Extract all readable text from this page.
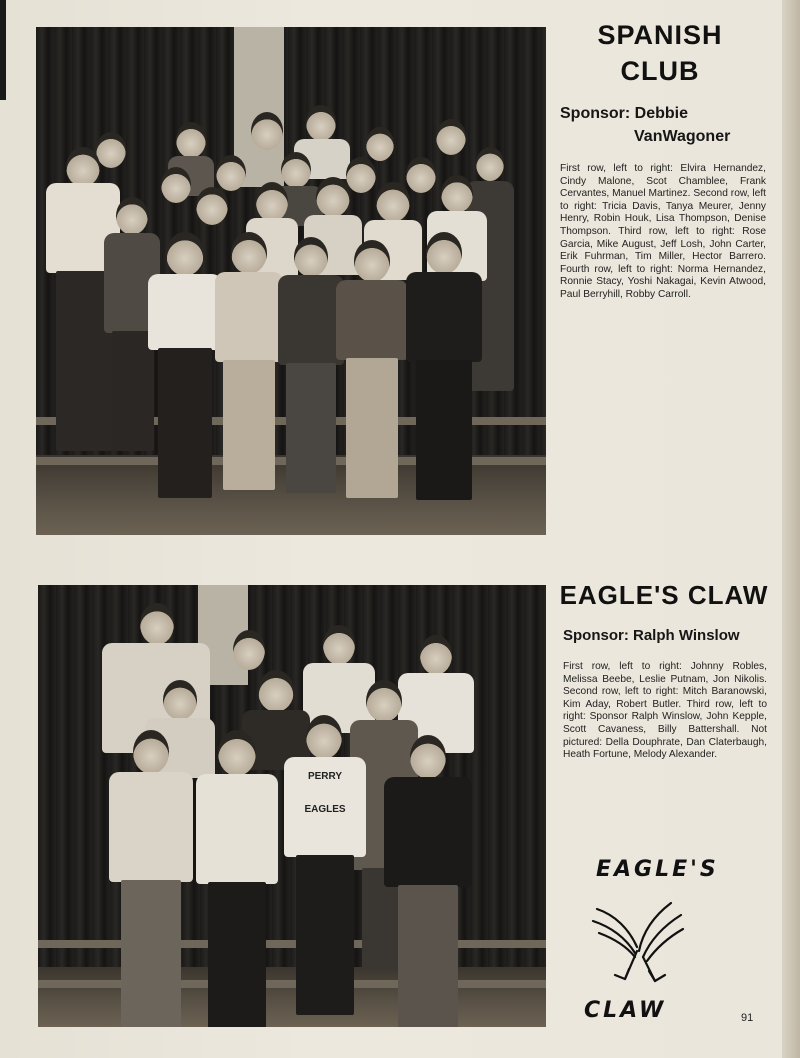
SPANISH
CLUB
Sponsor: Debbie
VanWagoner
First row, left to right: Elvira Hernandez, Cindy Malone, Scot Chamblee, Frank Cervantes, Manuel Martinez. Second row, left to right: Tricia Davis, Tanya Meurer, Jenny Henry, Robin Houk, Lisa Thompson, Denise Thompson. Third row, left to right: Rose Garcia, Mike August, Jeff Losh, John Carter, Erik Fuhrman, Tim Miller, Hector Barrero. Fourth row, left to right: Norma Hernandez, Ronnie Stacy, Yoshi Nakagai, Kevin Atwood, Paul Berryhill, Robby Carroll.
PERRY
EAGLES
EAGLE'S CLAW
Sponsor: Ralph Winslow
First row, left to right: Johnny Robles, Melissa Beebe, Leslie Putnam, Jon Nikolis. Second row, left to right: Mitch Baranowski, Kim Aday, Robert Butler. Third row, left to right: Sponsor Ralph Winslow, John Kepple, Scott Cavaness, Billy Battershall. Not pictured: Della Douphrate, Dan Claterbaugh, Heath Fortune, Melody Alexander.
EAGLE'S
CLAW	91
